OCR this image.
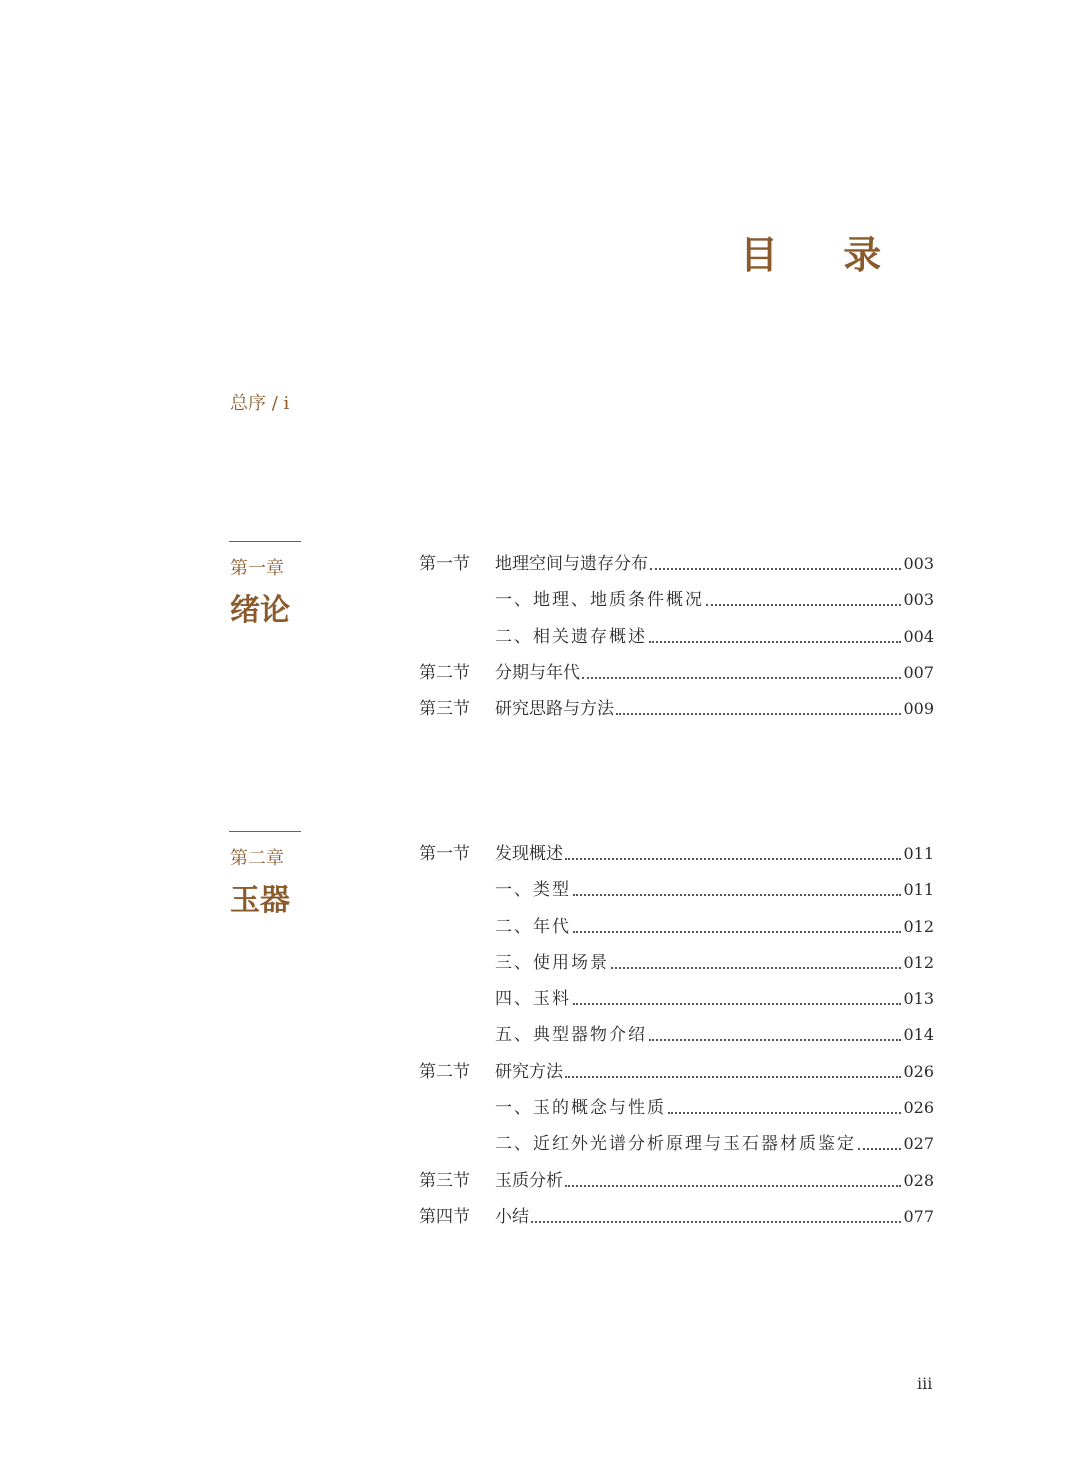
目 录
总序 / i
第一章
绪论
第一节	地理空间与遗存分布	003
一、地理、地质条件概况	003
二、相关遗存概述	004
第二节	分期与年代	007
第三节	研究思路与方法	009
第二章
玉器
第一节	发现概述	011
一、类型	011
二、年代	012
三、使用场景	012
四、玉料	013
五、典型器物介绍	014
第二节	研究方法	026
一、玉的概念与性质	026
二、近红外光谱分析原理与玉石器材质鉴定	027
第三节	玉质分析	028
第四节	小结	077
iii
